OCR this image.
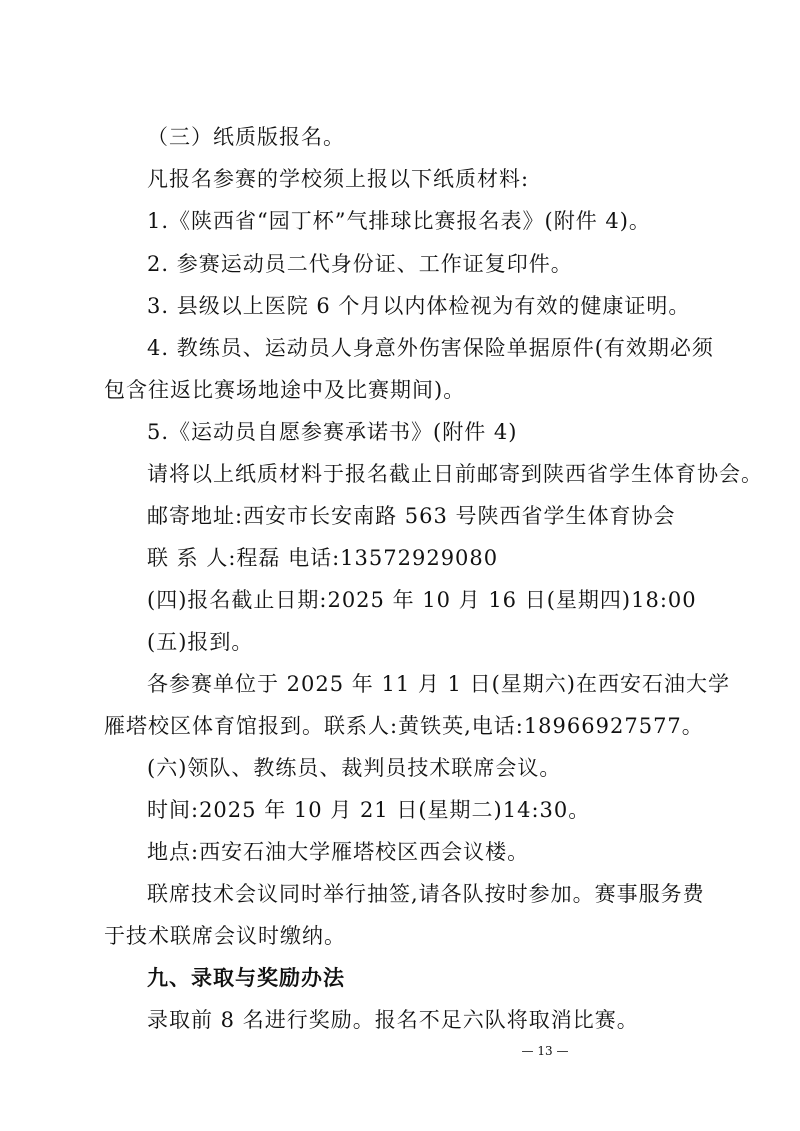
（三）纸质版报名。
凡报名参赛的学校须上报以下纸质材料:
1.《陕西省“园丁杯”气排球比赛报名表》(附件 4)。
2. 参赛运动员二代身份证、工作证复印件。
3. 县级以上医院 6 个月以内体检视为有效的健康证明。
4. 教练员、运动员人身意外伤害保险单据原件(有效期必须
包含往返比赛场地途中及比赛期间)。
5.《运动员自愿参赛承诺书》(附件 4)
请将以上纸质材料于报名截止日前邮寄到陕西省学生体育协会。
邮寄地址:西安市长安南路 563 号陕西省学生体育协会
联 系 人:程磊 电话:13572929080
(四)报名截止日期:2025 年 10 月 16 日(星期四)18:00
(五)报到。
各参赛单位于 2025 年 11 月 1 日(星期六)在西安石油大学
雁塔校区体育馆报到。联系人:黄铁英,电话:18966927577。
(六)领队、教练员、裁判员技术联席会议。
时间:2025 年 10 月 21 日(星期二)14:30。
地点:西安石油大学雁塔校区西会议楼。
联席技术会议同时举行抽签,请各队按时参加。赛事服务费
于技术联席会议时缴纳。
九、录取与奖励办法
录取前 8 名进行奖励。报名不足六队将取消比赛。
— 13 —
